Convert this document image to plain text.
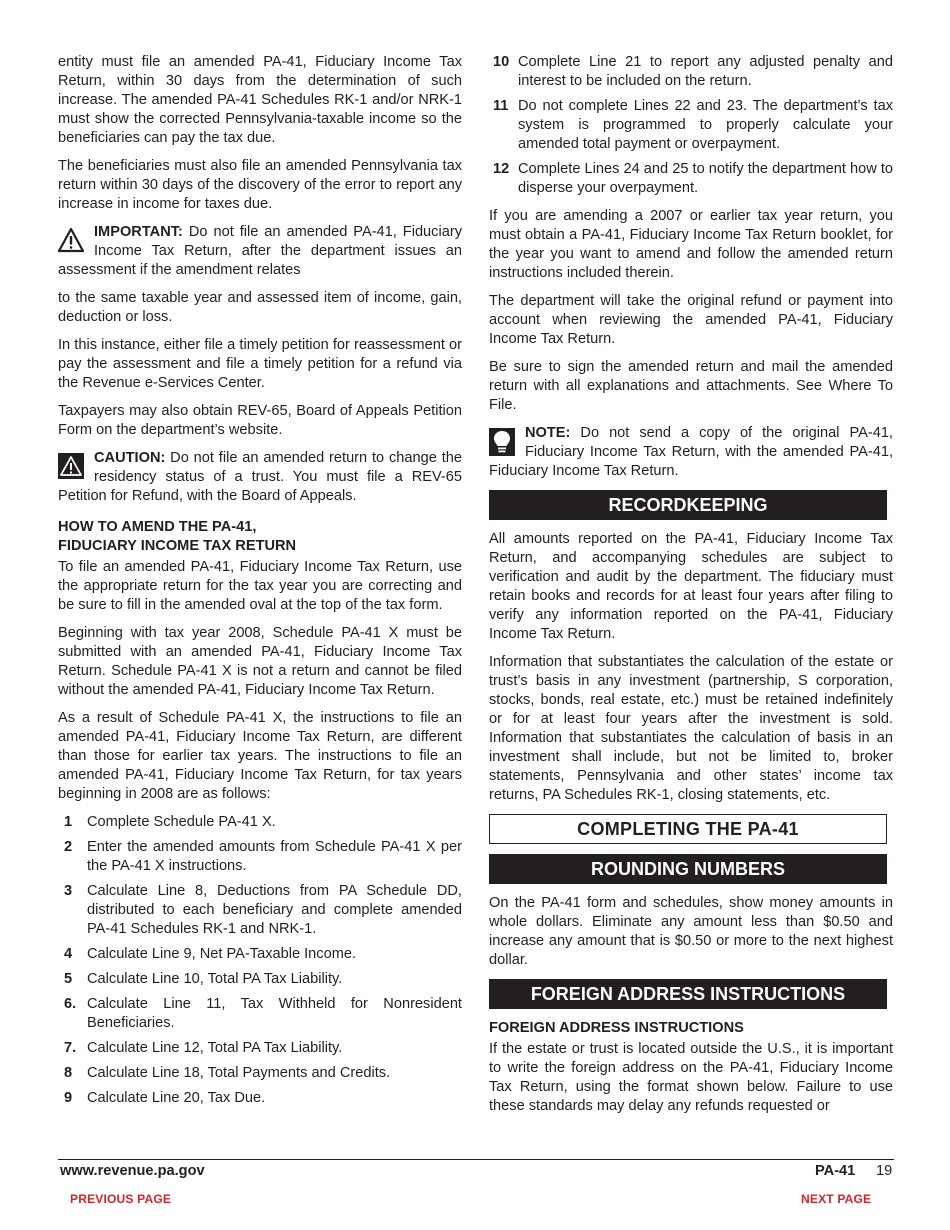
entity must file an amended PA-41, Fiduciary Income Tax Return, within 30 days from the determination of such increase. The amended PA-41 Schedules RK-1 and/or NRK-1 must show the corrected Pennsylvania-taxable income so the beneficiaries can pay the tax due.

The beneficiaries must also file an amended Pennsylvania tax return within 30 days of the discovery of the error to report any increase in income for taxes due.

IMPORTANT: Do not file an amended PA-41, Fiduciary Income Tax Return, after the department issues an assessment if the amendment relates

to the same taxable year and assessed item of income, gain, deduction or loss.

In this instance, either file a timely petition for reassessment or pay the assessment and file a timely petition for a refund via the Revenue e-Services Center.

Taxpayers may also obtain REV-65, Board of Appeals Petition Form on the department’s website.

CAUTION: Do not file an amended return to change the residency status of a trust. You must file a REV-65 Petition for Refund, with the Board of Appeals.

HOW TO AMEND THE PA-41,
FIDUCIARY INCOME TAX RETURN

To file an amended PA-41, Fiduciary Income Tax Return, use the appropriate return for the tax year you are correcting and be sure to fill in the amended oval at the top of the tax form.

Beginning with tax year 2008, Schedule PA-41 X must be submitted with an amended PA-41, Fiduciary Income Tax Return. Schedule PA-41 X is not a return and cannot be filed without the amended PA-41, Fiduciary Income Tax Return.

As a result of Schedule PA-41 X, the instructions to file an amended PA-41, Fiduciary Income Tax Return, are different than those for earlier tax years. The instructions to file an amended PA-41, Fiduciary Income Tax Return, for tax years beginning in 2008 are as follows:

1 Complete Schedule PA-41 X.
2 Enter the amended amounts from Schedule PA-41 X per the PA-41 X instructions.
3 Calculate Line 8, Deductions from PA Schedule DD, distributed to each beneficiary and complete amended PA-41 Schedules RK-1 and NRK-1.
4 Calculate Line 9, Net PA-Taxable Income.
5 Calculate Line 10, Total PA Tax Liability.
6. Calculate Line 11, Tax Withheld for Nonresident Beneficiaries.
7. Calculate Line 12, Total PA Tax Liability.
8 Calculate Line 18, Total Payments and Credits.
9 Calculate Line 20, Tax Due.
10 Complete Line 21 to report any adjusted penalty and interest to be included on the return.
11 Do not complete Lines 22 and 23. The department’s tax system is programmed to properly calculate your amended total payment or overpayment.
12 Complete Lines 24 and 25 to notify the department how to disperse your overpayment.

If you are amending a 2007 or earlier tax year return, you must obtain a PA-41, Fiduciary Income Tax Return booklet, for the year you want to amend and follow the amended return instructions included therein.

The department will take the original refund or payment into account when reviewing the amended PA-41, Fiduciary Income Tax Return.

Be sure to sign the amended return and mail the amended return with all explanations and attachments. See Where To File.

NOTE: Do not send a copy of the original PA-41, Fiduciary Income Tax Return, with the amended PA-41, Fiduciary Income Tax Return.

RECORDKEEPING

All amounts reported on the PA-41, Fiduciary Income Tax Return, and accompanying schedules are subject to verification and audit by the department. The fiduciary must retain books and records for at least four years after filing to verify any information reported on the PA-41, Fiduciary Income Tax Return.

Information that substantiates the calculation of the estate or trust’s basis in any investment (partnership, S corporation, stocks, bonds, real estate, etc.) must be retained indefinitely or for at least four years after the investment is sold. Information that substantiates the calculation of basis in an investment shall include, but not be limited to, broker statements, Pennsylvania and other states’ income tax returns, PA Schedules RK-1, closing statements, etc.

COMPLETING THE PA-41
ROUNDING NUMBERS

On the PA-41 form and schedules, show money amounts in whole dollars. Eliminate any amount less than $0.50 and increase any amount that is $0.50 or more to the next highest dollar.

FOREIGN ADDRESS INSTRUCTIONS
FOREIGN ADDRESS INSTRUCTIONS

If the estate or trust is located outside the U.S., it is important to write the foreign address on the PA-41, Fiduciary Income Tax Return, using the format shown below. Failure to use these standards may delay any refunds requested or

www.revenue.pa.gov	PA-41 19
PREVIOUS PAGE	NEXT PAGE
